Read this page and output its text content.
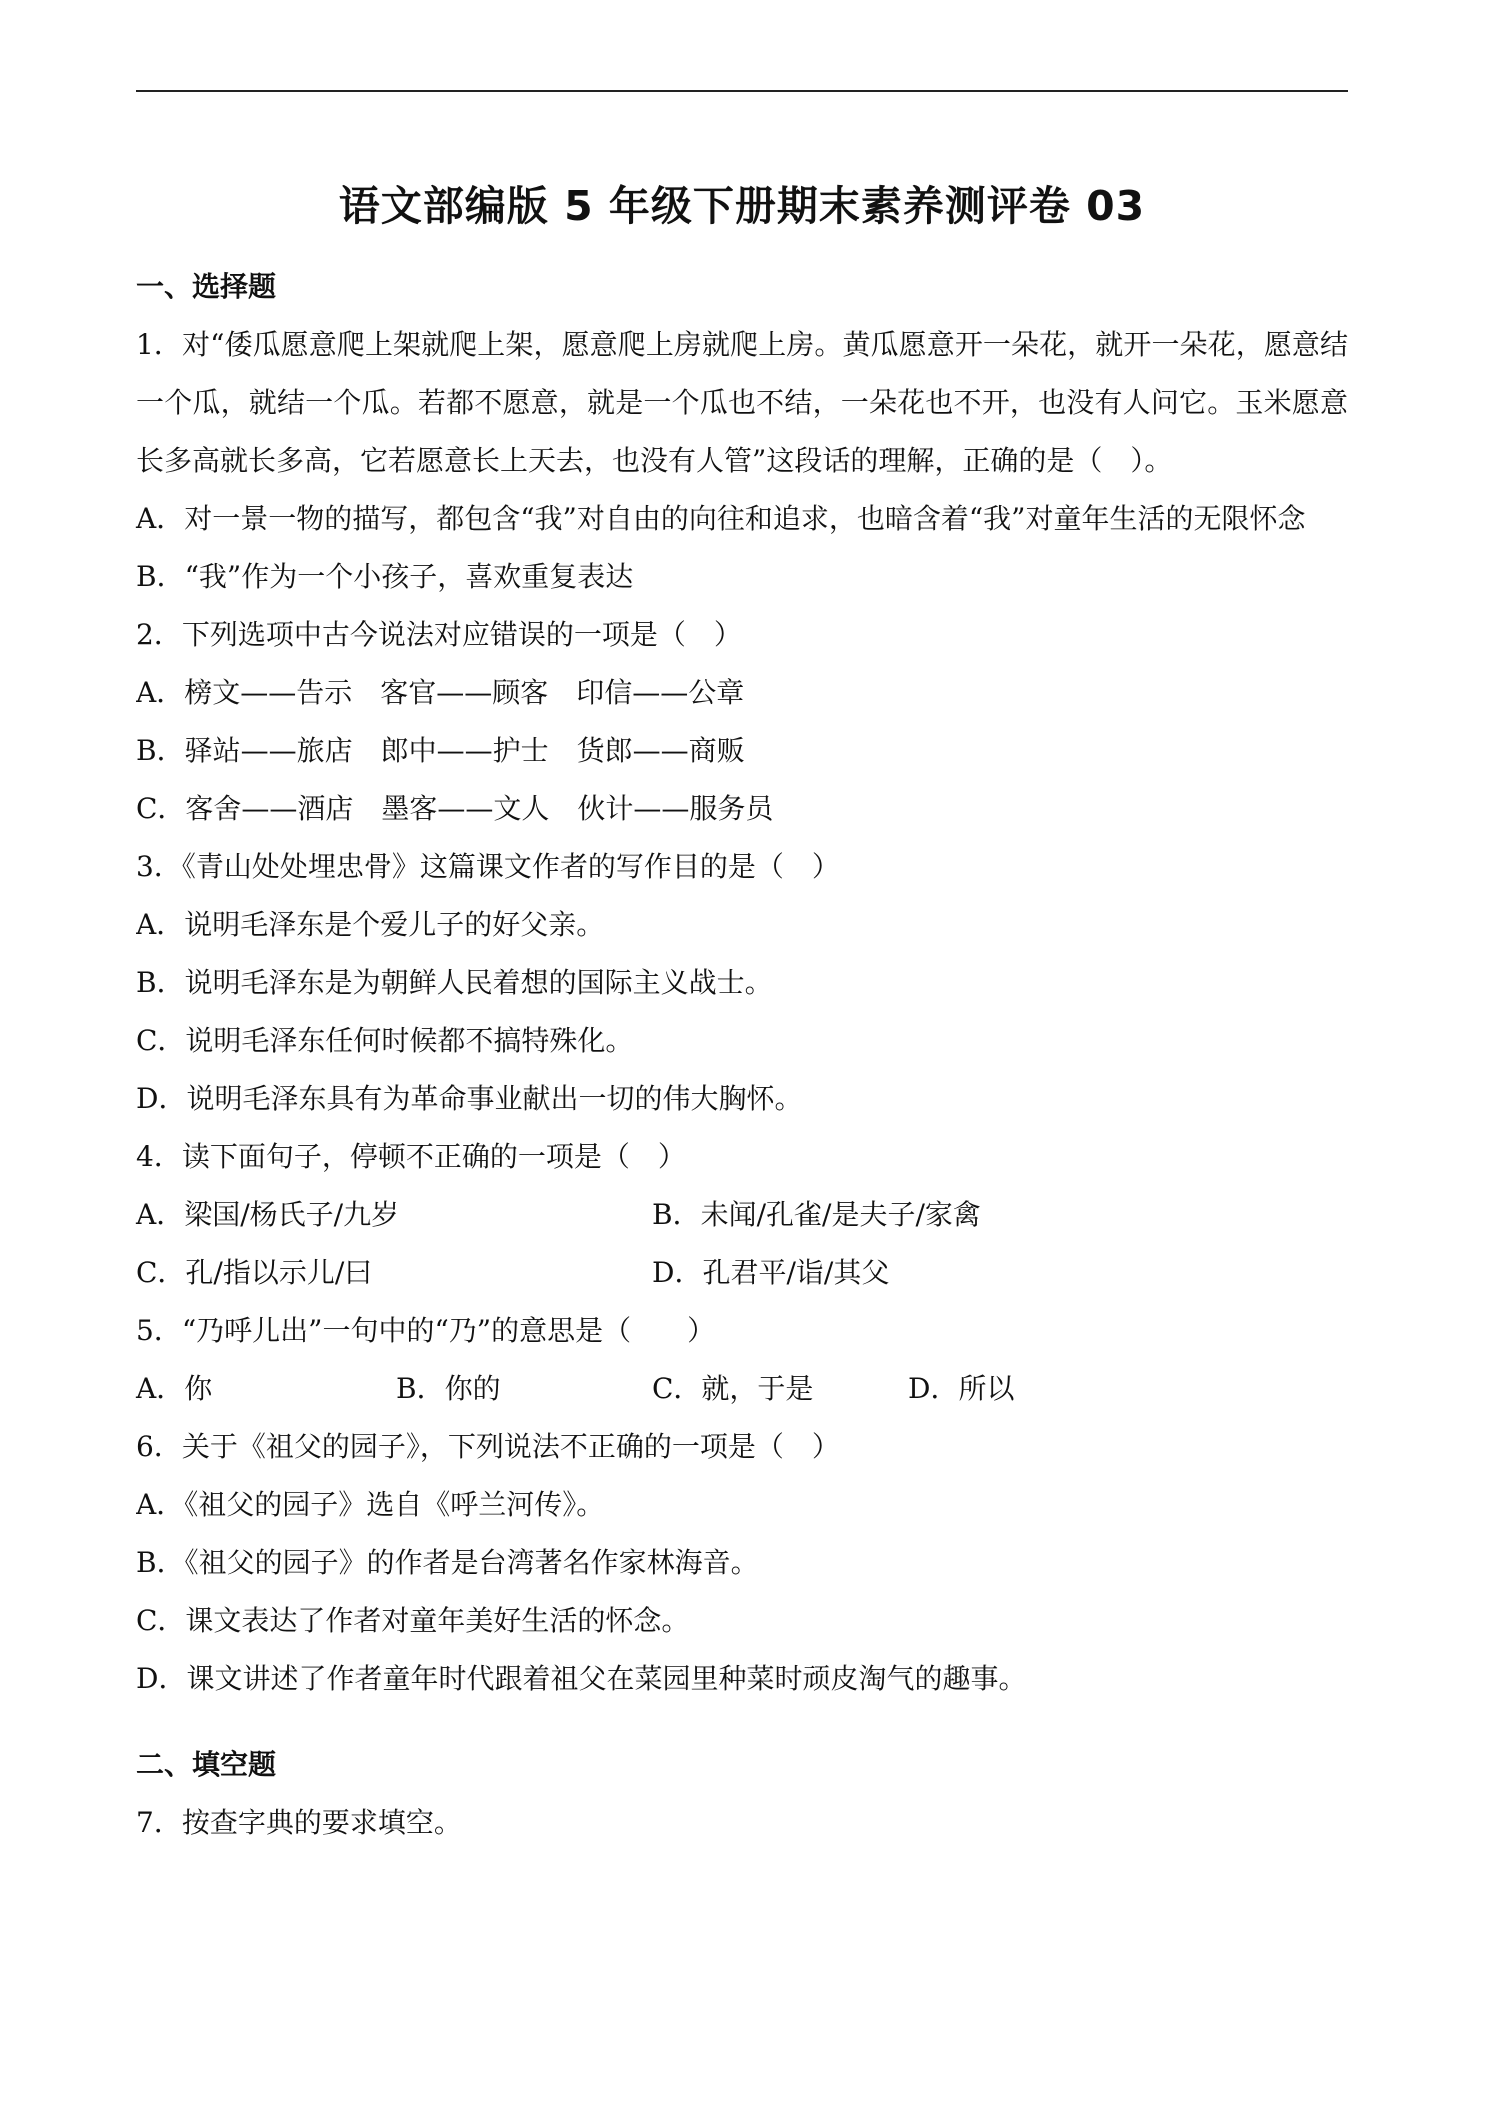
语文部编版 5 年级下册期末素养测评卷 03
一、选择题
1．对“倭瓜愿意爬上架就爬上架，愿意爬上房就爬上房。黄瓜愿意开一朵花，就开一朵花，愿意结一个瓜，就结一个瓜。若都不愿意，就是一个瓜也不结，一朵花也不开，也没有人问它。玉米愿意长多高就长多高，它若愿意长上天去，也没有人管”这段话的理解，正确的是（　）。
A．对一景一物的描写，都包含“我”对自由的向往和追求，也暗含着“我”对童年生活的无限怀念
B．“我”作为一个小孩子，喜欢重复表达
2．下列选项中古今说法对应错误的一项是（　）
A．榜文——告示　客官——顾客　印信——公章
B．驿站——旅店　郎中——护士　货郎——商贩
C．客舍——酒店　墨客——文人　伙计——服务员
3．《青山处处埋忠骨》这篇课文作者的写作目的是（　）
A．说明毛泽东是个爱儿子的好父亲。
B．说明毛泽东是为朝鲜人民着想的国际主义战士。
C．说明毛泽东任何时候都不搞特殊化。
D．说明毛泽东具有为革命事业献出一切的伟大胸怀。
4．读下面句子，停顿不正确的一项是（　）
A．梁国/杨氏子/九岁	B．未闻/孔雀/是夫子/家禽
C．孔/指以示儿/曰	D．孔君平/诣/其父
5．“乃呼儿出”一句中的“乃”的意思是（　　）
A．你	B．你的	C．就，于是	D．所以
6．关于《祖父的园子》，下列说法不正确的一项是（　）
A．《祖父的园子》选自《呼兰河传》。
B．《祖父的园子》的作者是台湾著名作家林海音。
C．课文表达了作者对童年美好生活的怀念。
D．课文讲述了作者童年时代跟着祖父在菜园里种菜时顽皮淘气的趣事。
二、填空题
7．按查字典的要求填空。
